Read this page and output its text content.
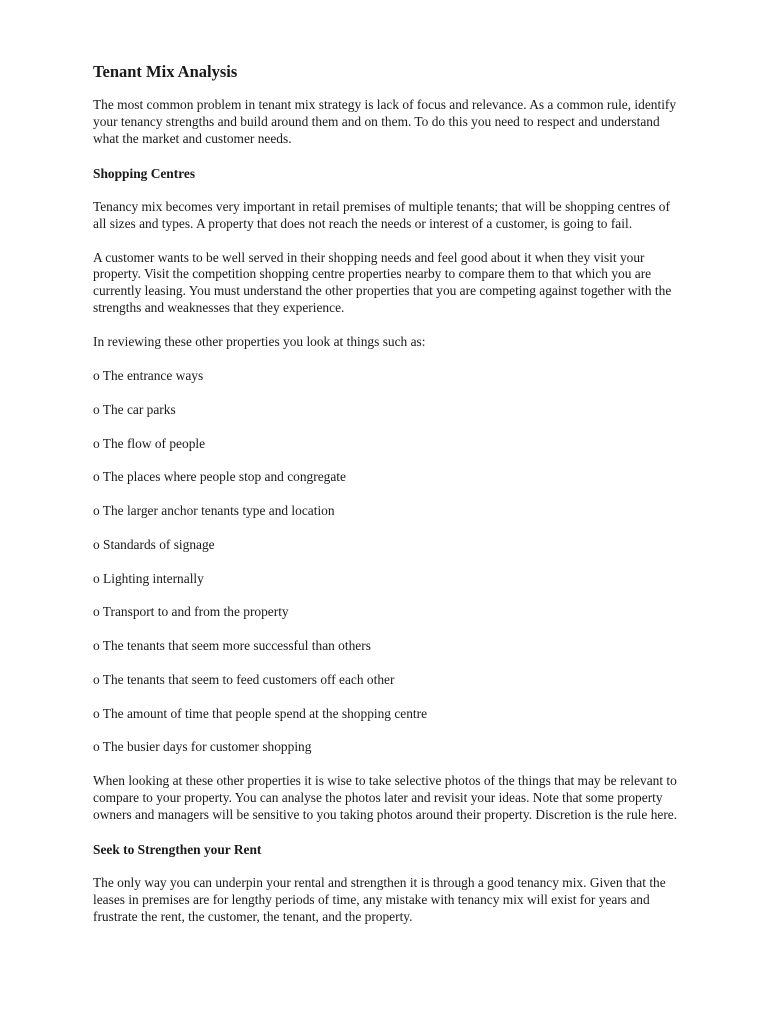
Tenant Mix Analysis

The most common problem in tenant mix strategy is lack of focus and relevance. As a common rule, identify your tenancy strengths and build around them and on them. To do this you need to respect and understand what the market and customer needs.

Shopping Centres

Tenancy mix becomes very important in retail premises of multiple tenants; that will be shopping centres of all sizes and types. A property that does not reach the needs or interest of a customer, is going to fail.

A customer wants to be well served in their shopping needs and feel good about it when they visit your property. Visit the competition shopping centre properties nearby to compare them to that which you are currently leasing. You must understand the other properties that you are competing against together with the strengths and weaknesses that they experience.

In reviewing these other properties you look at things such as:

o The entrance ways
o The car parks
o The flow of people
o The places where people stop and congregate
o The larger anchor tenants type and location
o Standards of signage
o Lighting internally
o Transport to and from the property
o The tenants that seem more successful than others
o The tenants that seem to feed customers off each other
o The amount of time that people spend at the shopping centre
o The busier days for customer shopping

When looking at these other properties it is wise to take selective photos of the things that may be relevant to compare to your property. You can analyse the photos later and revisit your ideas. Note that some property owners and managers will be sensitive to you taking photos around their property. Discretion is the rule here.

Seek to Strengthen your Rent

The only way you can underpin your rental and strengthen it is through a good tenancy mix. Given that the leases in premises are for lengthy periods of time, any mistake with tenancy mix will exist for years and frustrate the rent, the customer, the tenant, and the property.
